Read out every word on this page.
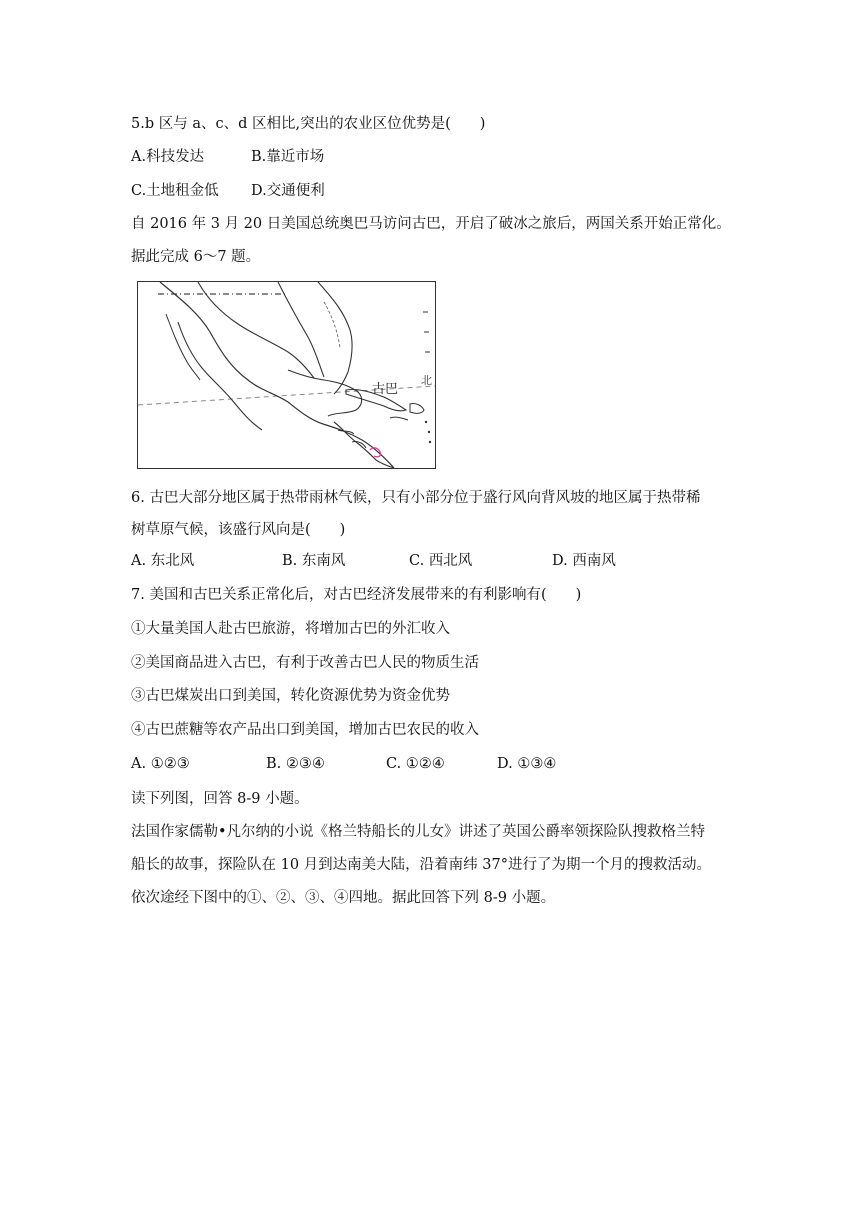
5.b 区与 a、c、d 区相比,突出的农业区位优势是(　　)
A.科技发达	B.靠近市场
C.土地租金低 D.交通便利
自 2016 年 3 月 20 日美国总统奥巴马访问古巴，开启了破冰之旅后，两国关系开始正常化。
据此完成 6～7 题。
古巴
北
6. 古巴大部分地区属于热带雨林气候，只有小部分位于盛行风向背风坡的地区属于热带稀
树草原气候，该盛行风向是(　　)
A. 东北风	B. 东南风	C. 西北风	D. 西南风
7. 美国和古巴关系正常化后，对古巴经济发展带来的有利影响有(　　)
①大量美国人赴古巴旅游，将增加古巴的外汇收入
②美国商品进入古巴，有利于改善古巴人民的物质生活
③古巴煤炭出口到美国，转化资源优势为资金优势
④古巴蔗糖等农产品出口到美国，增加古巴农民的收入
A. ①②③	B. ②③④	C. ①②④	D. ①③④
读下列图，回答 8-9 小题。
法国作家儒勒•凡尔纳的小说《格兰特船长的儿女》讲述了英国公爵率领探险队搜救格兰特
船长的故事，探险队在 10 月到达南美大陆，沿着南纬 37°进行了为期一个月的搜救活动。
依次途经下图中的①、②、③、④四地。据此回答下列 8-9 小题。
